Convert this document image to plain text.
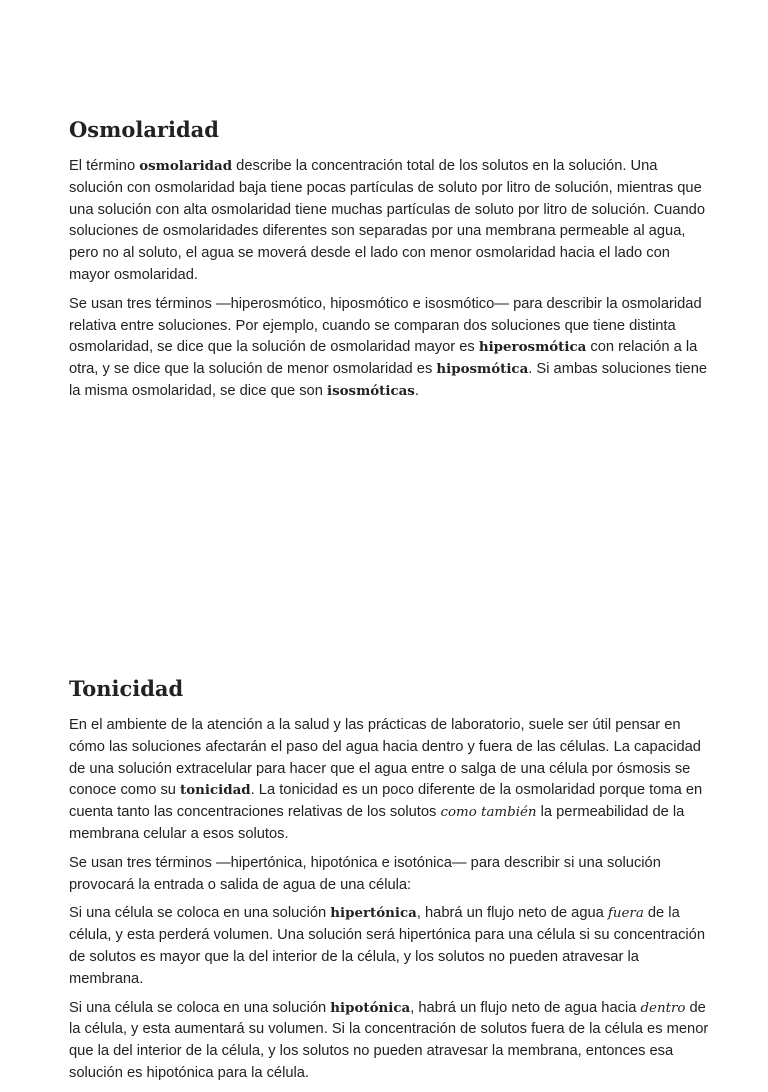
Osmolaridad

El término osmolaridad describe la concentración total de los solutos en la solución. Una solución con osmolaridad baja tiene pocas partículas de soluto por litro de solución, mientras que una solución con alta osmolaridad tiene muchas partículas de soluto por litro de solución. Cuando soluciones de osmolaridades diferentes son separadas por una membrana permeable al agua, pero no al soluto, el agua se moverá desde el lado con menor osmolaridad hacia el lado con mayor osmolaridad.

Se usan tres términos —hiperosmótico, hiposmótico e isosmótico— para describir la osmolaridad relativa entre soluciones. Por ejemplo, cuando se comparan dos soluciones que tiene distinta osmolaridad, se dice que la solución de osmolaridad mayor es hiperosmótica con relación a la otra, y se dice que la solución de menor osmolaridad es hiposmótica. Si ambas soluciones tiene la misma osmolaridad, se dice que son isosmóticas.

Tonicidad

En el ambiente de la atención a la salud y las prácticas de laboratorio, suele ser útil pensar en cómo las soluciones afectarán el paso del agua hacia dentro y fuera de las células. La capacidad de una solución extracelular para hacer que el agua entre o salga de una célula por ósmosis se conoce como su tonicidad. La tonicidad es un poco diferente de la osmolaridad porque toma en cuenta tanto las concentraciones relativas de los solutos como también la permeabilidad de la membrana celular a esos solutos.

Se usan tres términos —hipertónica, hipotónica e isotónica— para describir si una solución provocará la entrada o salida de agua de una célula:

Si una célula se coloca en una solución hipertónica, habrá un flujo neto de agua fuera de la célula, y esta perderá volumen. Una solución será hipertónica para una célula si su concentración de solutos es mayor que la del interior de la célula, y los solutos no pueden atravesar la membrana.

Si una célula se coloca en una solución hipotónica, habrá un flujo neto de agua hacia dentro de la célula, y esta aumentará su volumen. Si la concentración de solutos fuera de la célula es menor que la del interior de la célula, y los solutos no pueden atravesar la membrana, entonces esa solución es hipotónica para la célula.
